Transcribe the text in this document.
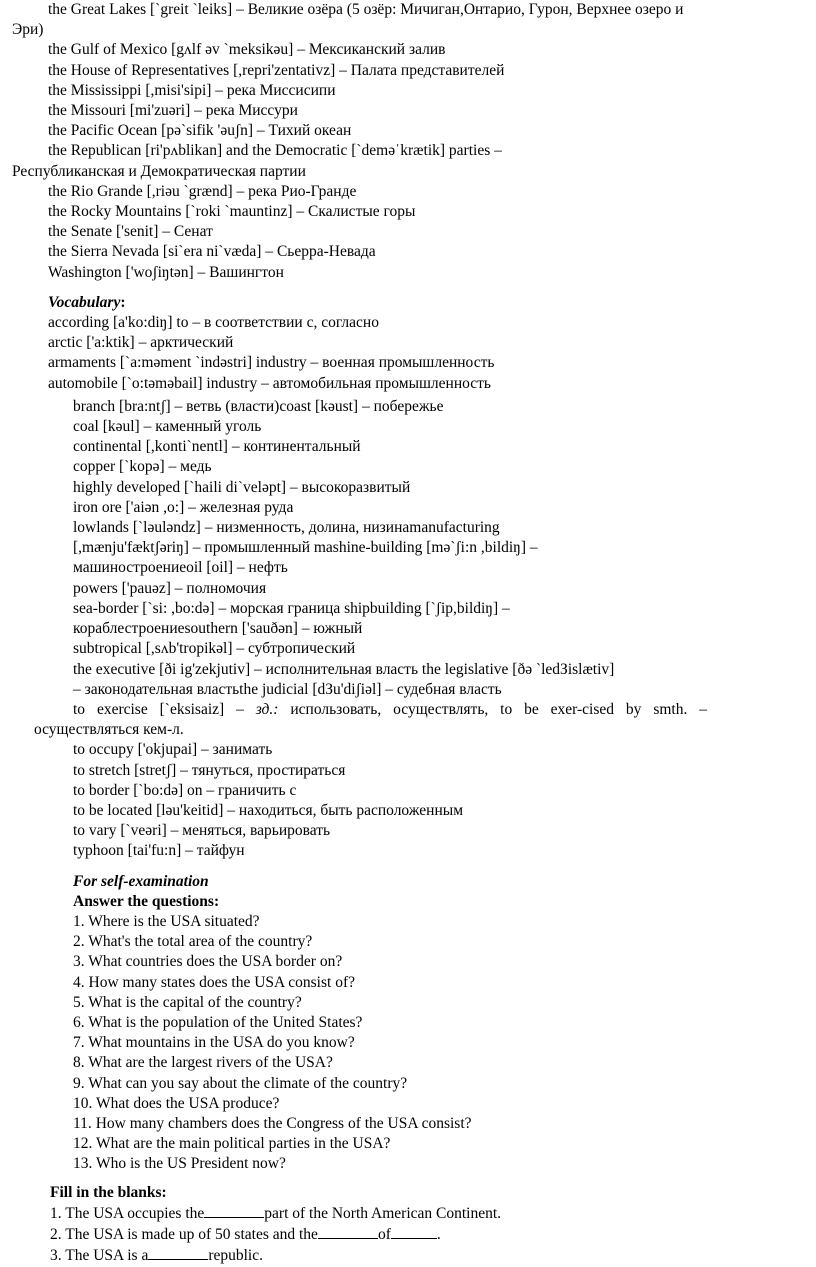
the Great Lakes [`greit `leiks] – Великие озёра (5 озёр: Мичиган,Онтарио, Гурон, Верхнее озеро и
Эри)
the Gulf of Mexico [gʌlf əv `meksikəu] – Мексиканский залив
the House of Representatives [,repri'zentativz] – Палата представителей
the Mississippi [,misi'sipi] – река Миссисипи
the Missouri [mi'zuəri] – река Миссури
the Pacific Ocean [pə`sifik 'əuʃn] – Тихий океан
the Republican [ri'pʌblikan] and the Democratic [`deməˈkrætik] parties –
Республиканская и Демократическая партии
the Rio Grande [,riəu `grænd] – река Рио-Гранде
the Rocky Mountains [`roki `mauntinz] – Скалистые горы
the Senate ['senit] – Сенат
the Sierra Nevada [si`era ni`væda] – Сьерра-Невада
Washington ['woʃiŋtən] – Вашингтон
Vocabulary:
according [a'ko:diŋ] to – в соответствии с, согласно
arctic ['a:ktik] – арктический
armaments [`a:məment `indəstri] industry – военная промышленность
automobile [`o:təməbail] industry – автомобильная промышленность
branch [bra:ntʃ] – ветвь (власти)coast [kəust] – побережье
coal [kəul] – каменный уголь
continental [,konti`nentl] – континентальный
copper [`kopə] – медь
highly developed [`haili di`veləpt] – высокоразвитый
iron ore ['aiən ,o:] – железная руда
lowlands [`ləuləndz] – низменность, долина, низинаmanufacturing
[,mænju'fæktʃəriŋ] – промышленный mashine-building [mə`ʃi:n ,bildiŋ] –
машиностроениеoil [oil] – нефть
powers ['pauəz] – полномочия
sea-border [`si: ,bo:də] – морская граница shipbuilding [`ʃip,bildiŋ] –
кораблестроениеsouthern ['sauðən] – южный
subtropical [,sʌb'tropikəl] – субтропический
the executive [ði ig'zekjutiv] – исполнительная власть the legislative [ðə `ledЗislætiv]
– законодательная властьthe judicial [dЗu'diʃiəl] – судебная власть
to exercise [`eksisaiz] – зд.: использовать, осуществлять, to be exer-cised by smth. –
осуществляться кем-л.
to occupy ['okjupai] – занимать
to stretch [stretʃ] – тянуться, простираться
to border [`bo:də] on – граничить с
to be located [ləu'keitid] – находиться, быть расположенным
to vary [`veəri] – меняться, варьировать
typhoon [tai'fu:n] – тайфун
For self-examination
Answer the questions:
1. Where is the USA situated?
2. What's the total area of the country?
3. What countries does the USA border on?
4. How many states does the USA consist of?
5. What is the capital of the country?
6. What is the population of the United States?
7. What mountains in the USA do you know?
8. What are the largest rivers of the USA?
9. What can you say about the climate of the country?
10. What does the USA produce?
11. How many chambers does the Congress of the USA consist?
12. What are the main political parties in the USA?
13. Who is the US President now?
Fill in the blanks:
1. The USA occupies the	part of the North American Continent.
2. The USA is made up of 50 states and the	of	.
3. The USA is a	republic.
